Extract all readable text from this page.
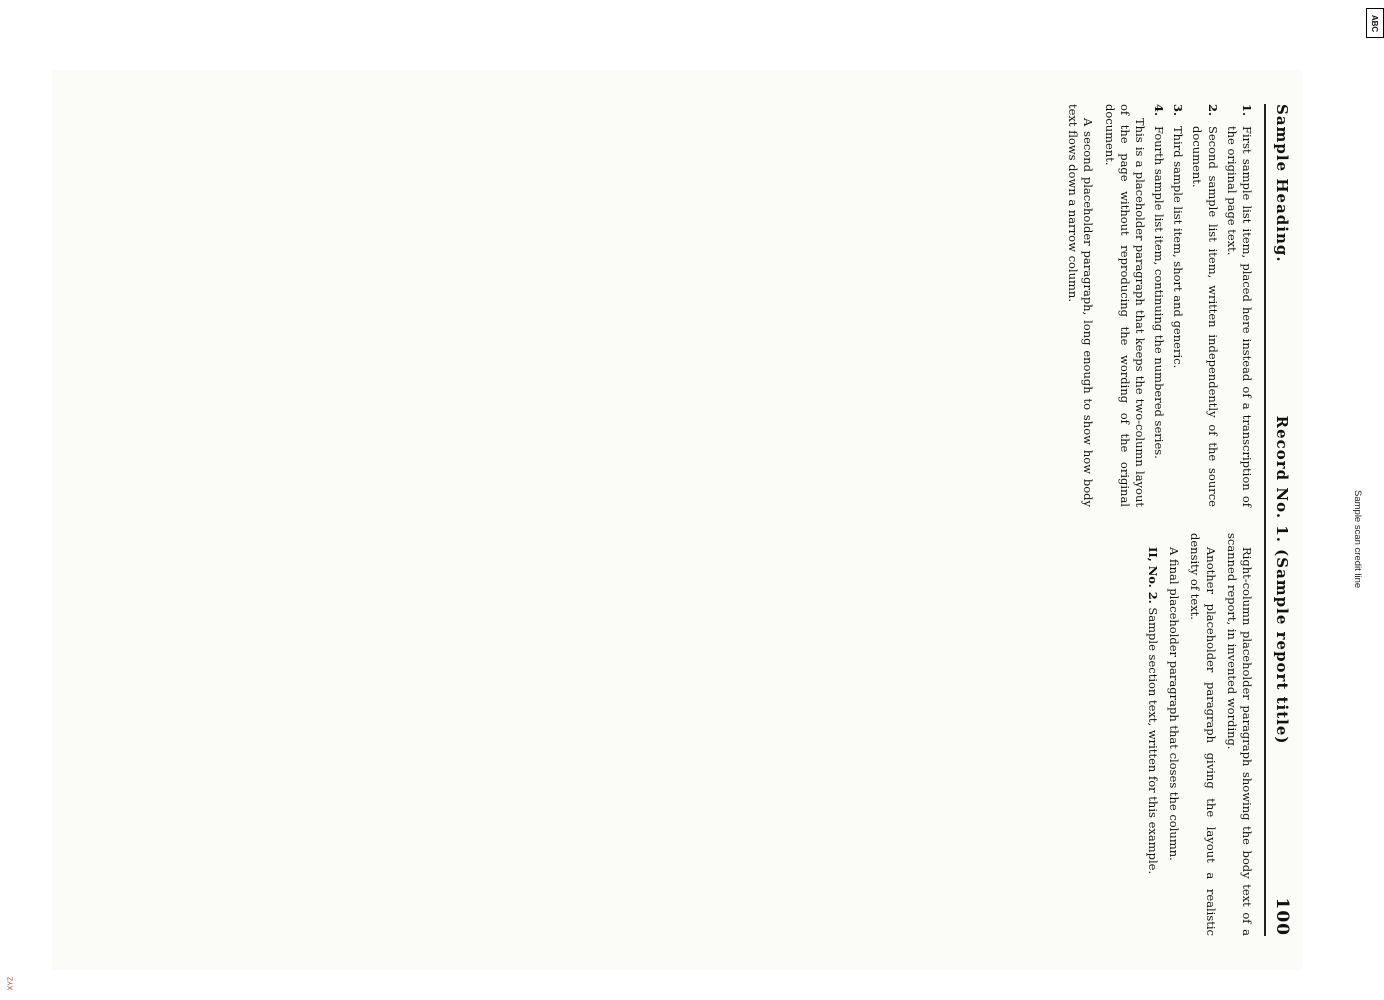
Sample Heading.
Record No. 1. (Sample report title)
100
1.
First sample list item, placed here instead of a transcription of the original page text.
2.
Second sample list item, written independently of the source document.
3.
Third sample list item, short and generic.
4.
Fourth sample list item, continuing the numbered series.

This is a placeholder paragraph that keeps the two-column layout of the page without reproducing the wording of the original document.

A second placeholder paragraph, long enough to show how body text flows down a narrow column.

Right-column placeholder paragraph showing the body text of a scanned report, in invented wording.

Another placeholder paragraph giving the layout a realistic density of text.

A final placeholder paragraph that closes the column.

II, No. 2. Sample section text, written for this example.

ABC
Sample scan credit line
XYZ
